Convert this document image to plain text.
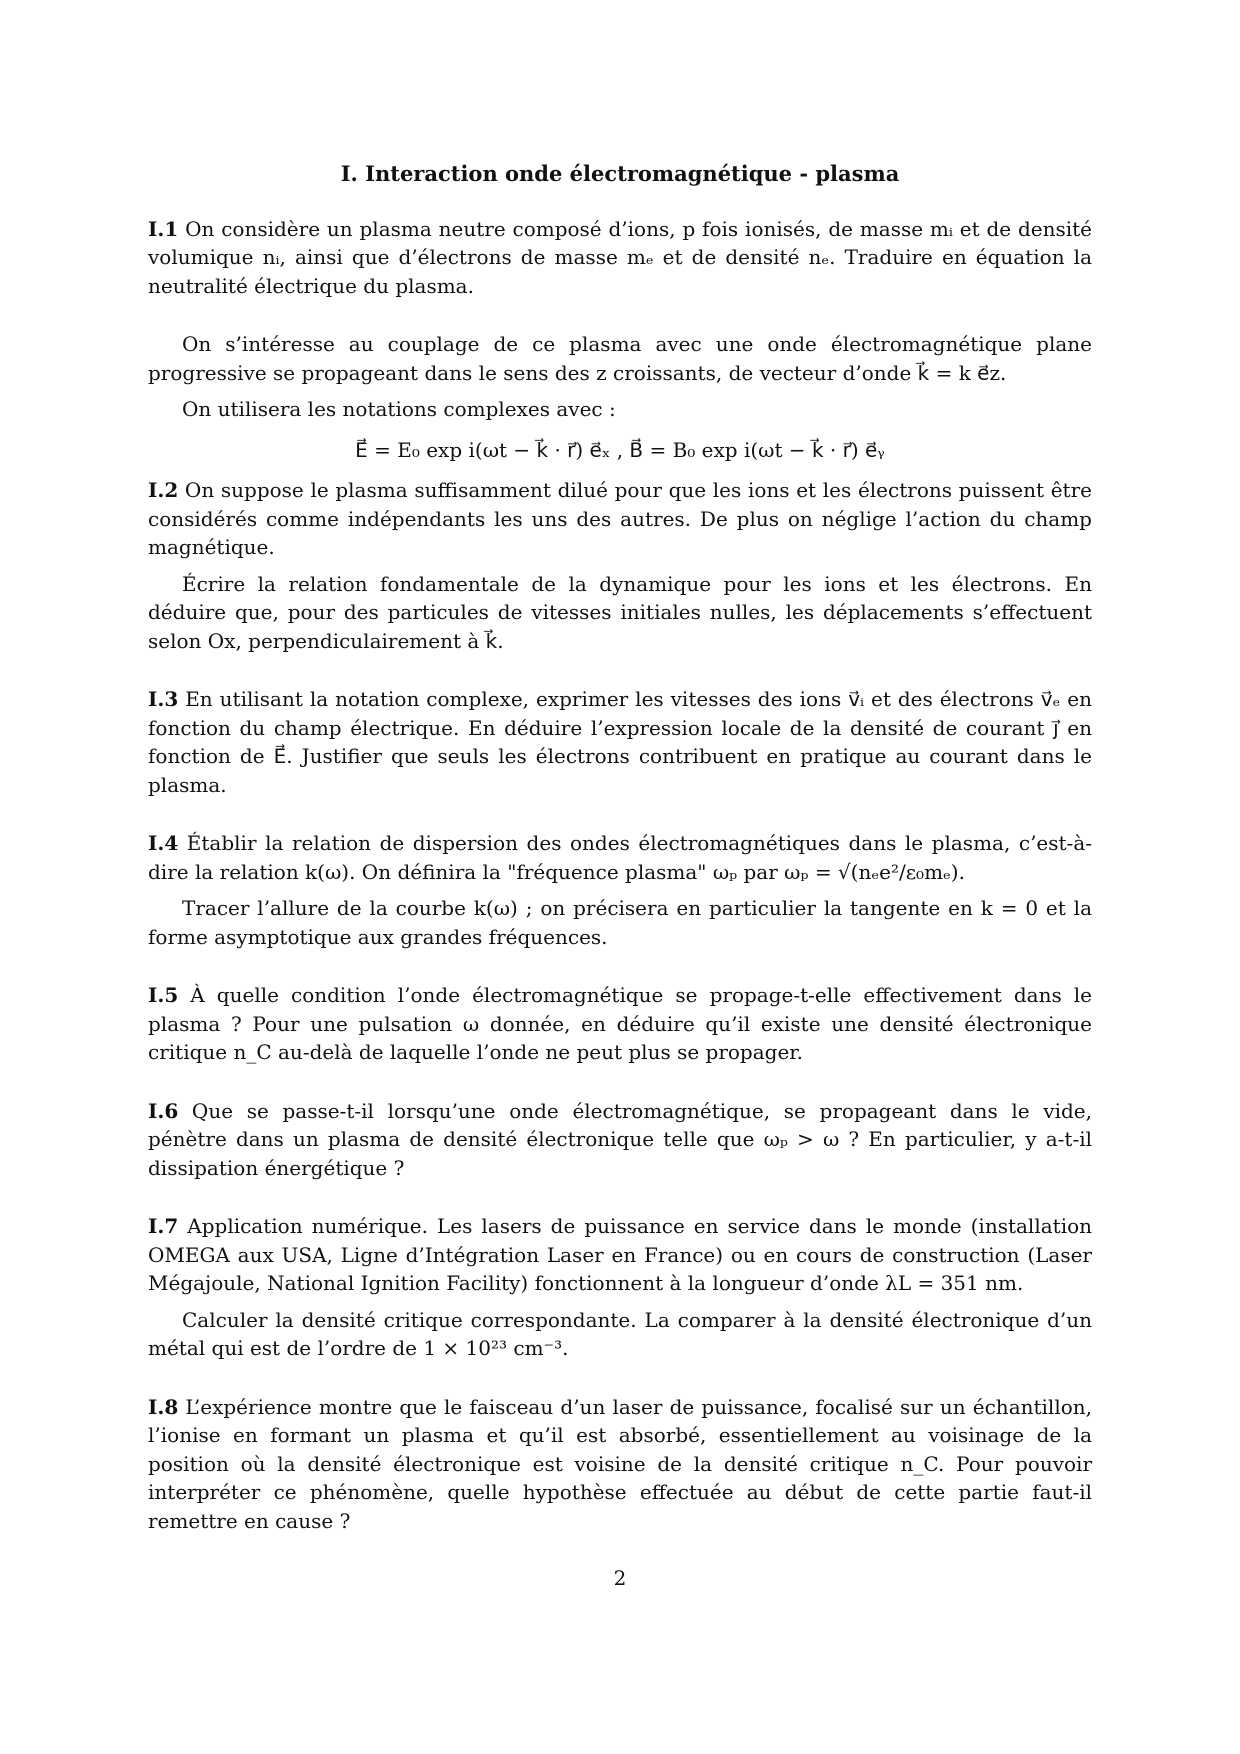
I. Interaction onde électromagnétique - plasma

I.1 On considère un plasma neutre composé d’ions, p fois ionisés, de masse mᵢ et de densité volumique nᵢ, ainsi que d’électrons de masse mₑ et de densité nₑ. Traduire en équation la neutralité électrique du plasma.

On s’intéresse au couplage de ce plasma avec une onde électromagnétique plane progressive se propageant dans le sens des z croissants, de vecteur d’onde k⃗ = k e⃗z.

On utilisera les notations complexes avec :

E⃗ = E₀ exp i(ωt − k⃗ · r⃗) e⃗ₓ , B⃗ = B₀ exp i(ωt − k⃗ · r⃗) e⃗ᵧ

I.2 On suppose le plasma suffisamment dilué pour que les ions et les électrons puissent être considérés comme indépendants les uns des autres. De plus on néglige l’action du champ magnétique.

Écrire la relation fondamentale de la dynamique pour les ions et les électrons. En déduire que, pour des particules de vitesses initiales nulles, les déplacements s’effectuent selon Ox, perpendiculairement à k⃗.

I.3 En utilisant la notation complexe, exprimer les vitesses des ions v⃗ᵢ et des électrons v⃗ₑ en fonction du champ électrique. En déduire l’expression locale de la densité de courant j⃗ en fonction de E⃗. Justifier que seuls les électrons contribuent en pratique au courant dans le plasma.

I.4 Établir la relation de dispersion des ondes électromagnétiques dans le plasma, c’est-à-dire la relation k(ω). On définira la "fréquence plasma" ωₚ par ωₚ = √(nₑe²/ε₀mₑ).

Tracer l’allure de la courbe k(ω) ; on précisera en particulier la tangente en k = 0 et la forme asymptotique aux grandes fréquences.

I.5 À quelle condition l’onde électromagnétique se propage-t-elle effectivement dans le plasma ? Pour une pulsation ω donnée, en déduire qu’il existe une densité électronique critique n_C au-delà de laquelle l’onde ne peut plus se propager.

I.6 Que se passe-t-il lorsqu’une onde électromagnétique, se propageant dans le vide, pénètre dans un plasma de densité électronique telle que ωₚ > ω ? En particulier, y a-t-il dissipation énergétique ?

I.7 Application numérique. Les lasers de puissance en service dans le monde (installation OMEGA aux USA, Ligne d’Intégration Laser en France) ou en cours de construction (Laser Mégajoule, National Ignition Facility) fonctionnent à la longueur d’onde λL = 351 nm.

Calculer la densité critique correspondante. La comparer à la densité électronique d’un métal qui est de l’ordre de 1 × 10²³ cm⁻³.

I.8 L’expérience montre que le faisceau d’un laser de puissance, focalisé sur un échantillon, l’ionise en formant un plasma et qu’il est absorbé, essentiellement au voisinage de la position où la densité électronique est voisine de la densité critique n_C. Pour pouvoir interpréter ce phénomène, quelle hypothèse effectuée au début de cette partie faut-il remettre en cause ?

2
